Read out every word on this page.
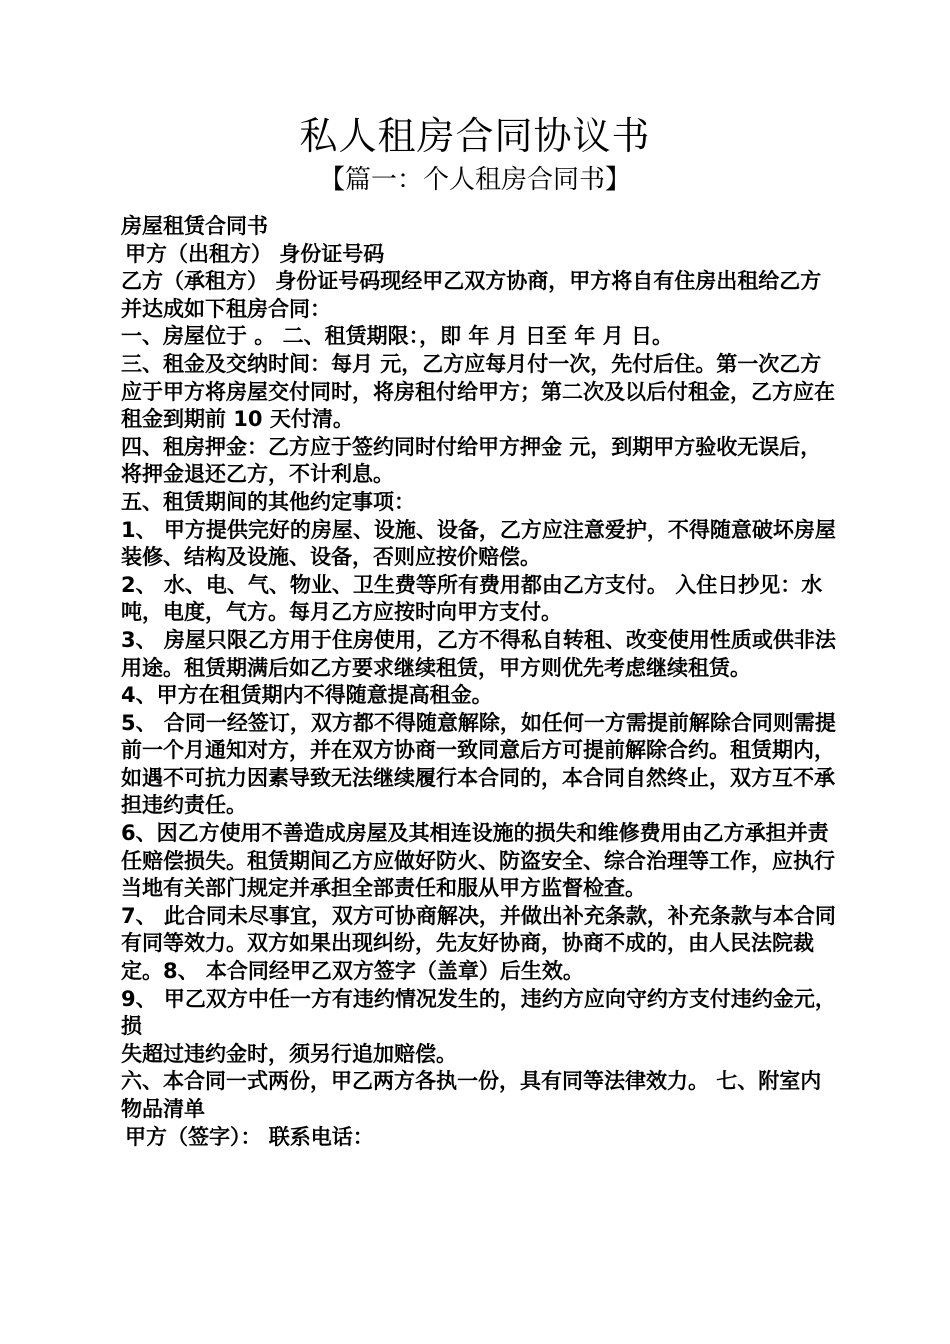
私人租房合同协议书
【篇一：个人租房合同书】

房屋租赁合同书

甲方（出租方） 身份证号码

乙方（承租方） 身份证号码现经甲乙双方协商，甲方将自有住房出租给乙方并达成如下租房合同：

一、房屋位于 。 二、租赁期限：，即 年 月 日至 年 月 日。

三、租金及交纳时间：每月 元，乙方应每月付一次，先付后住。第一次乙方应于甲方将房屋交付同时，将房租付给甲方；第二次及以后付租金，乙方应在租金到期前 10 天付清。

四、租房押金：乙方应于签约同时付给甲方押金 元，到期甲方验收无误后，将押金退还乙方，不计利息。

五、租赁期间的其他约定事项：

1、 甲方提供完好的房屋、设施、设备，乙方应注意爱护，不得随意破坏房屋装修、结构及设施、设备，否则应按价赔偿。

2、 水、电、气、物业、卫生费等所有费用都由乙方支付。 入住日抄见：水吨，电度，气方。每月乙方应按时向甲方支付。

3、 房屋只限乙方用于住房使用，乙方不得私自转租、改变使用性质或供非法用途。租赁期满后如乙方要求继续租赁，甲方则优先考虑继续租赁。

4、甲方在租赁期内不得随意提高租金。

5、 合同一经签订，双方都不得随意解除，如任何一方需提前解除合同则需提前一个月通知对方，并在双方协商一致同意后方可提前解除合约。租赁期内，如遇不可抗力因素导致无法继续履行本合同的，本合同自然终止，双方互不承担违约责任。

6、因乙方使用不善造成房屋及其相连设施的损失和维修费用由乙方承担并责任赔偿损失。租赁期间乙方应做好防火、防盗安全、综合治理等工作，应执行当地有关部门规定并承担全部责任和服从甲方监督检查。

7、 此合同未尽事宜，双方可协商解决，并做出补充条款，补充条款与本合同有同等效力。双方如果出现纠纷，先友好协商，协商不成的，由人民法院裁定。8、 本合同经甲乙双方签字（盖章）后生效。

9、 甲乙双方中任一方有违约情况发生的，违约方应向守约方支付违约金元，损

失超过违约金时，须另行追加赔偿。

六、本合同一式两份，甲乙两方各执一份，具有同等法律效力。 七、附室内物品清单

甲方（签字）： 联系电话：
